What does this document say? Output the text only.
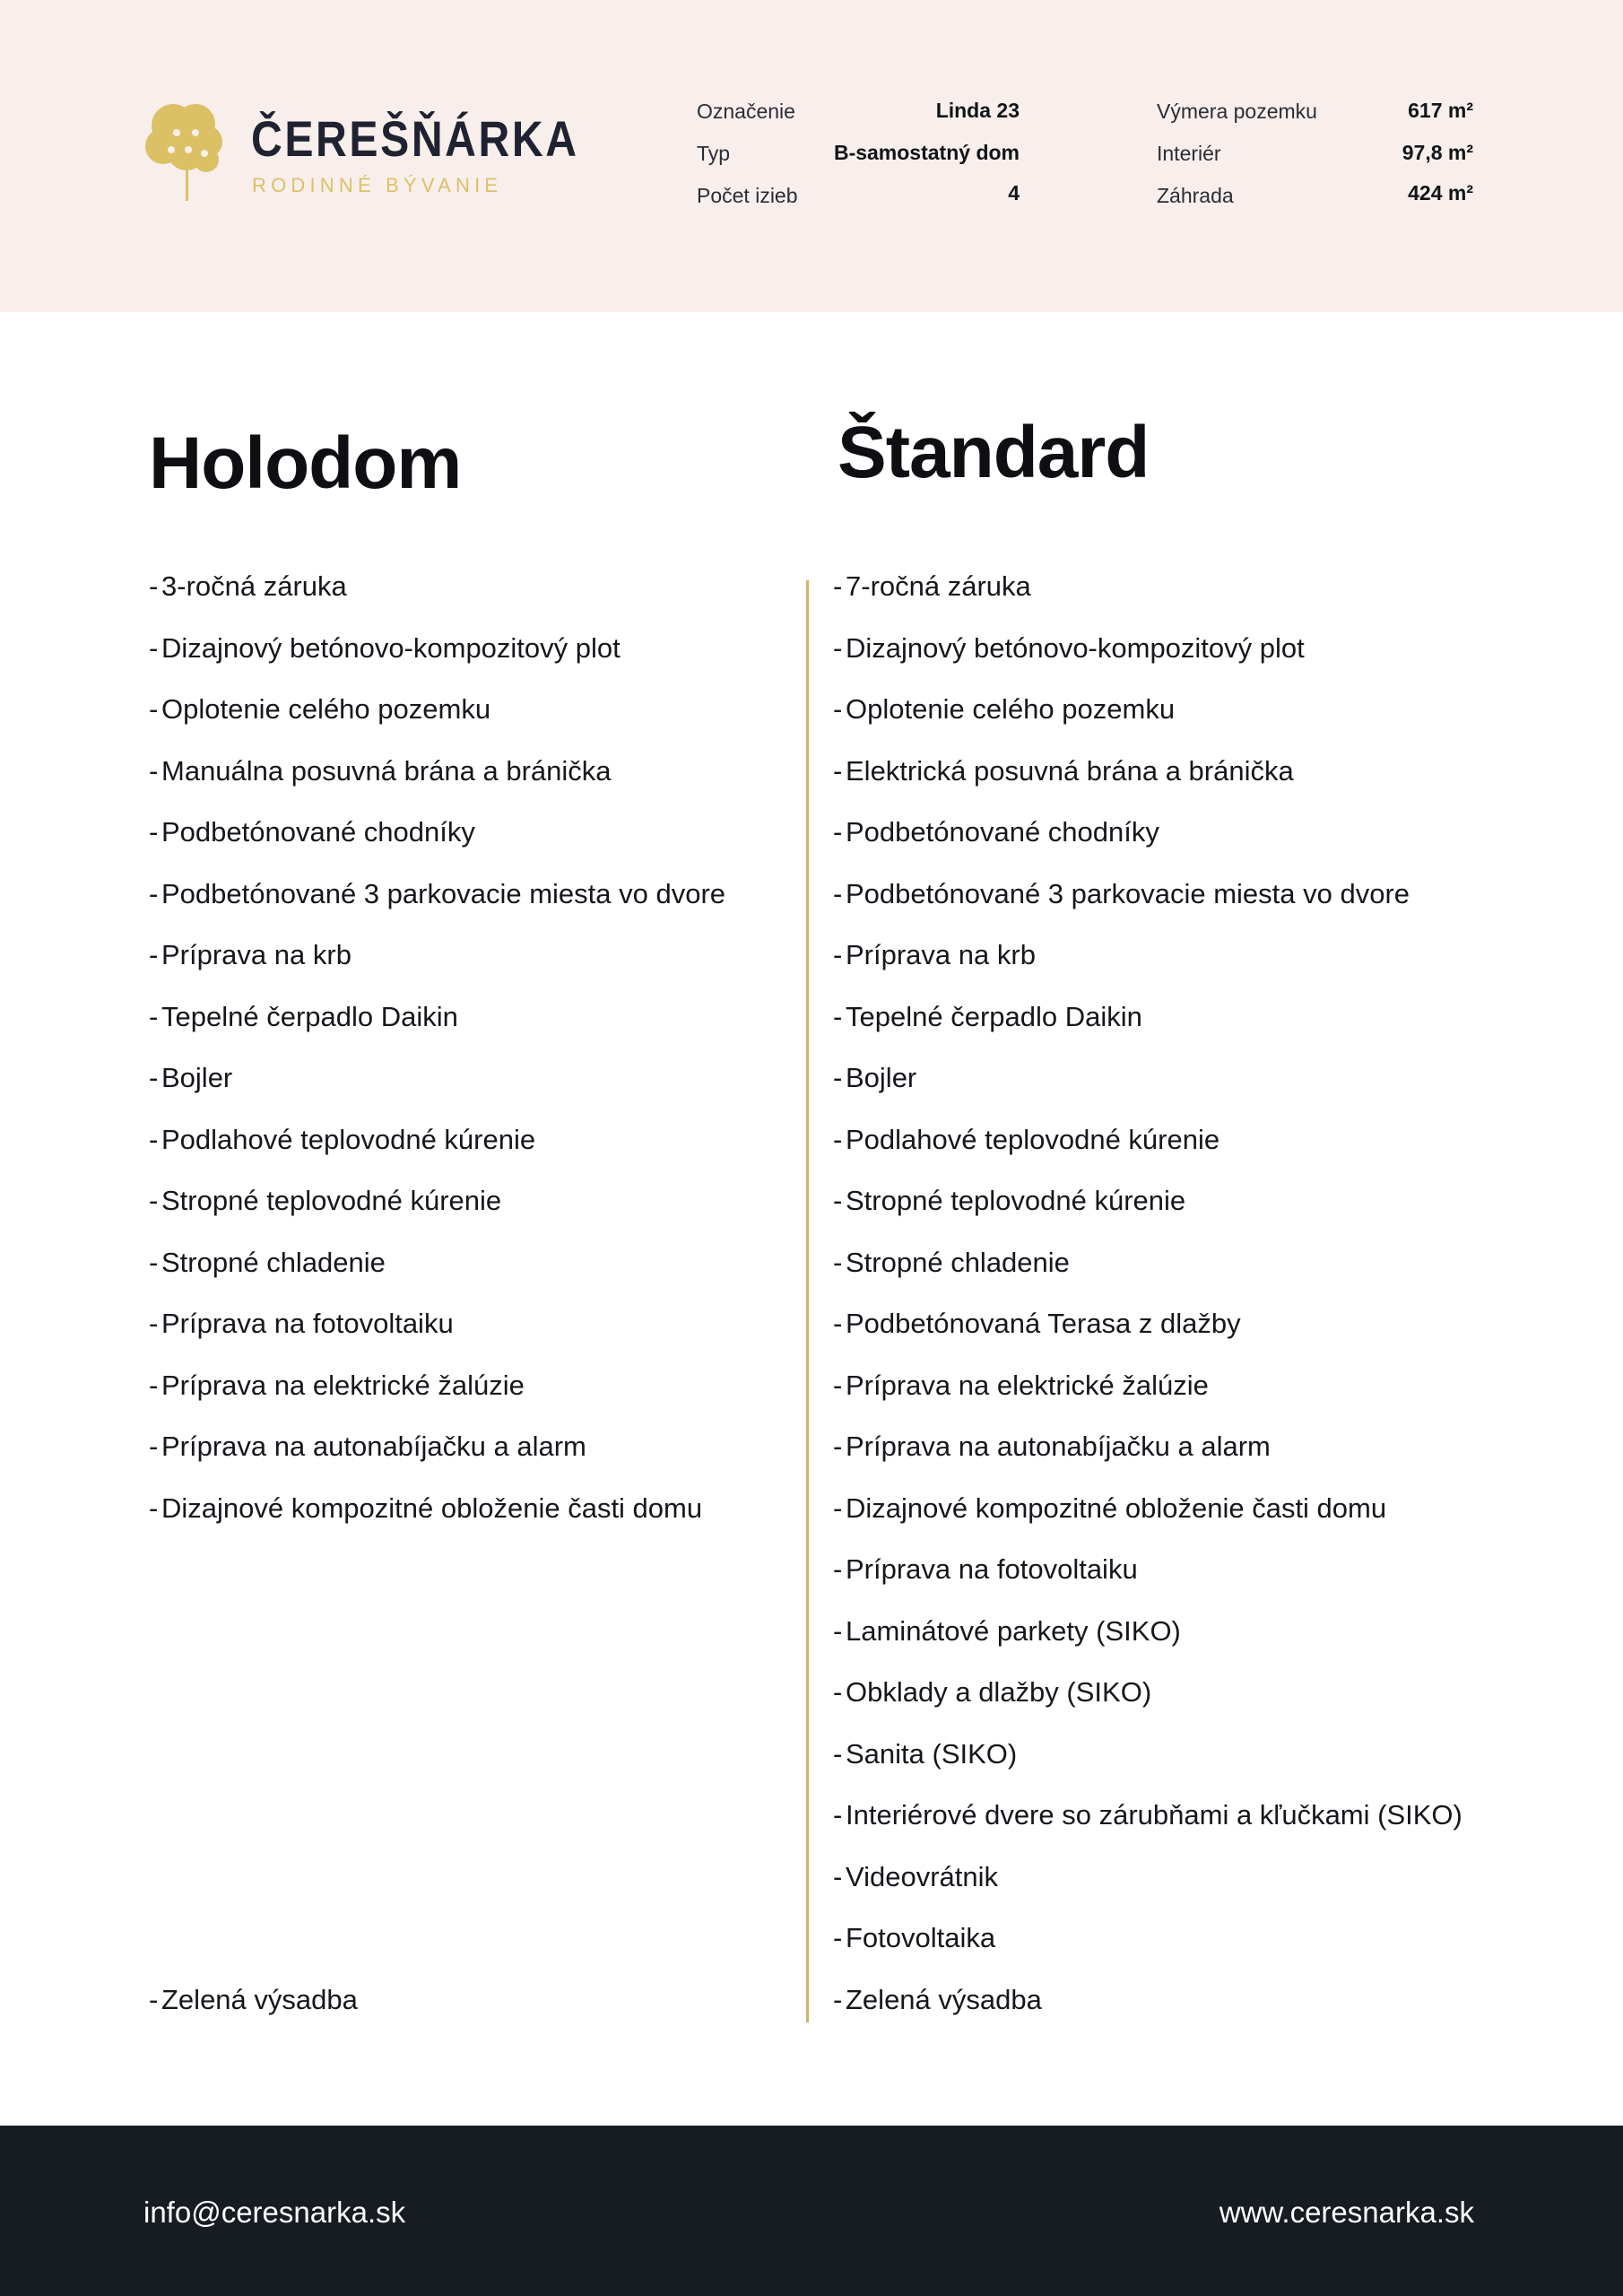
ČEREŠŇÁRKA
RODINNÉ BÝVANIE
Označenie	Linda 23
Typ	B-samostatný dom
Počet izieb	4
Výmera pozemku	617 m²
Interiér	97,8 m²
Záhrada	424 m²
Holodom
- 3-ročná záruka
- Dizajnový betónovo-kompozitový plot
- Oplotenie celého pozemku
- Manuálna posuvná brána a bránička
- Podbetónované chodníky
- Podbetónované 3 parkovacie miesta vo dvore
- Príprava na krb
- Tepelné čerpadlo Daikin
- Bojler
- Podlahové teplovodné kúrenie
- Stropné teplovodné kúrenie
- Stropné chladenie
- Príprava na fotovoltaiku
- Príprava na elektrické žalúzie
- Príprava na autonabíjačku a alarm
- Dizajnové kompozitné obloženie časti domu
- Zelená výsadba
Štandard
- 7-ročná záruka
- Dizajnový betónovo-kompozitový plot
- Oplotenie celého pozemku
- Elektrická posuvná brána a bránička
- Podbetónované chodníky
- Podbetónované 3 parkovacie miesta vo dvore
- Príprava na krb
- Tepelné čerpadlo Daikin
- Bojler
- Podlahové teplovodné kúrenie
- Stropné teplovodné kúrenie
- Stropné chladenie
- Podbetónovaná Terasa z dlažby
- Príprava na elektrické žalúzie
- Príprava na autonabíjačku a alarm
- Dizajnové kompozitné obloženie časti domu
- Príprava na fotovoltaiku
- Laminátové parkety (SIKO)
- Obklady a dlažby (SIKO)
- Sanita (SIKO)
- Interiérové dvere so zárubňami a kľučkami (SIKO)
- Videovrátnik
- Fotovoltaika
- Zelená výsadba
info@ceresnarka.sk	www.ceresnarka.sk
